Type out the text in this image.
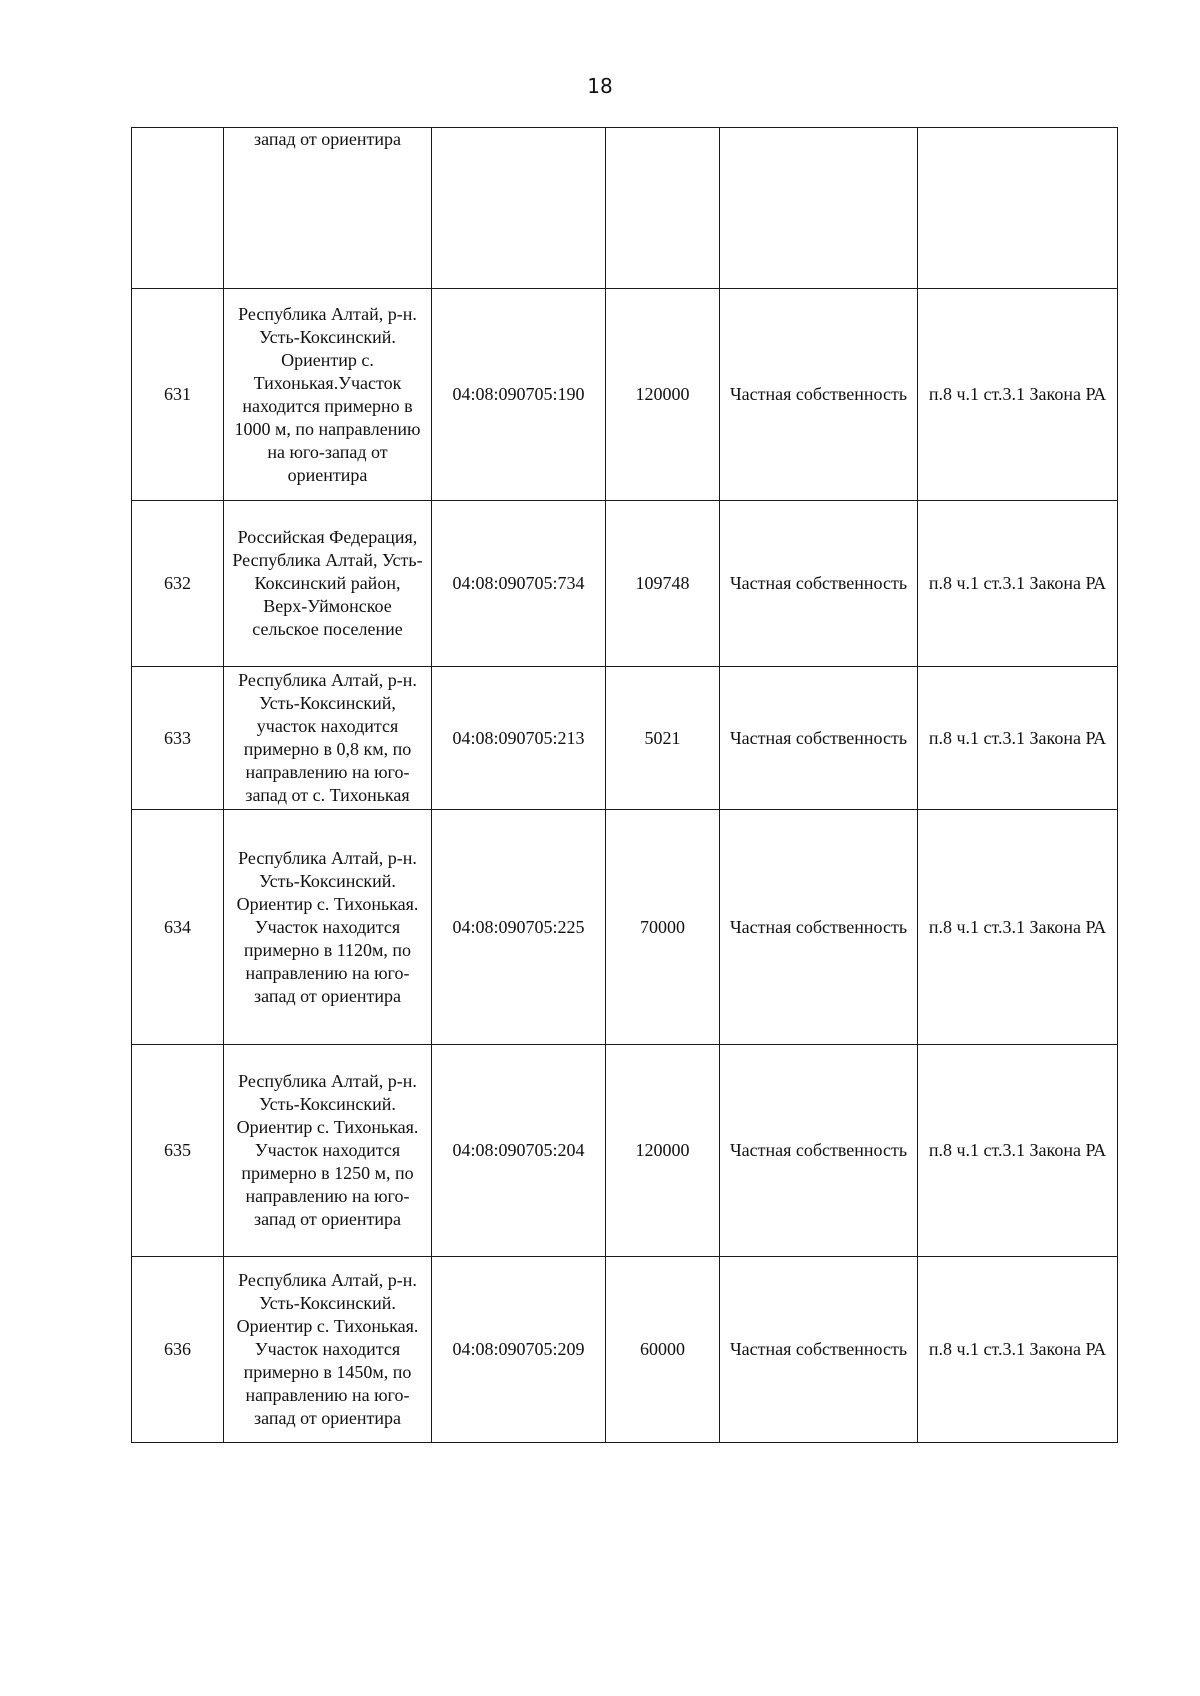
18
	запад от ориентира				
631	Республика Алтай, р-н. Усть-Коксинский. Ориентир с. Тихонькая.Участок находится примерно в 1000 м, по направлению на юго-запад от ориентира	04:08:090705:190	120000	Частная собственность	п.8 ч.1 ст.3.1 Закона РА
632	Российская Федерация, Республика Алтай, Усть-Коксинский район, Верх-Уймонское сельское поселение	04:08:090705:734	109748	Частная собственность	п.8 ч.1 ст.3.1 Закона РА
633	Республика Алтай, р-н. Усть-Коксинский, участок находится примерно в 0,8 км, по направлению на юго-запад от с. Тихонькая	04:08:090705:213	5021	Частная собственность	п.8 ч.1 ст.3.1 Закона РА
634	Республика Алтай, р-н. Усть-Коксинский. Ориентир с. Тихонькая. Участок находится примерно в 1120м, по направлению на юго-запад от ориентира	04:08:090705:225	70000	Частная собственность	п.8 ч.1 ст.3.1 Закона РА
635	Республика Алтай, р-н. Усть-Коксинский. Ориентир с. Тихонькая. Участок находится примерно в 1250 м, по направлению на юго-запад от ориентира	04:08:090705:204	120000	Частная собственность	п.8 ч.1 ст.3.1 Закона РА
636	Республика Алтай, р-н. Усть-Коксинский. Ориентир с. Тихонькая. Участок находится примерно в 1450м, по направлению на юго-запад от ориентира	04:08:090705:209	60000	Частная собственность	п.8 ч.1 ст.3.1 Закона РА
